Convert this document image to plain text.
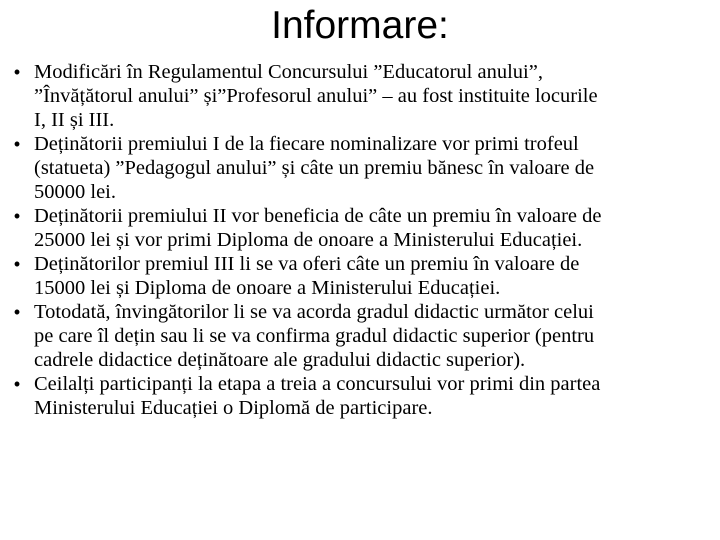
Informare:
• Modificări în Regulamentul Concursului ”Educatorul anului”,
”Învățătorul anului” și”Profesorul anului” – au fost instituite locurile
I, II și III.
• Deținătorii premiului I de la fiecare nominalizare vor primi trofeul
(statueta) ”Pedagogul anului” și câte un premiu bănesc în valoare de
50000 lei.
• Deținătorii premiului II vor beneficia de câte un premiu în valoare de
25000 lei și vor primi Diploma de onoare a Ministerului Educației.
• Deținătorilor premiul III li se va oferi câte un premiu în valoare de
15000 lei și Diploma de onoare a Ministerului Educației.
• Totodată, învingătorilor li se va acorda gradul didactic următor celui
pe care îl dețin sau li se va confirma gradul didactic superior (pentru
cadrele didactice deținătoare ale gradului didactic superior).
• Ceilalți participanți la etapa a treia a concursului vor primi din partea
Ministerului Educației o Diplomă de participare.
